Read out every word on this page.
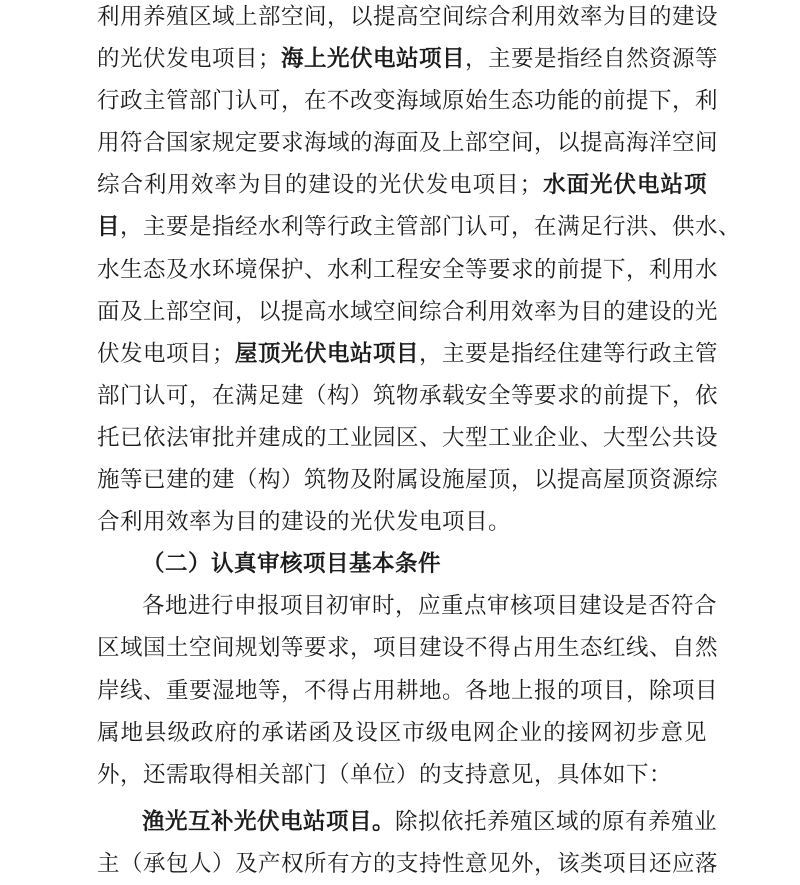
利用养殖区域上部空间，以提高空间综合利用效率为目的建设
的光伏发电项目；海上光伏电站项目，主要是指经自然资源等
行政主管部门认可，在不改变海域原始生态功能的前提下，利
用符合国家规定要求海域的海面及上部空间，以提高海洋空间
综合利用效率为目的建设的光伏发电项目；水面光伏电站项
目，主要是指经水利等行政主管部门认可，在满足行洪、供水、
水生态及水环境保护、水利工程安全等要求的前提下，利用水
面及上部空间，以提高水域空间综合利用效率为目的建设的光
伏发电项目；屋顶光伏电站项目，主要是指经住建等行政主管
部门认可，在满足建（构）筑物承载安全等要求的前提下，依
托已依法审批并建成的工业园区、大型工业企业、大型公共设
施等已建的建（构）筑物及附属设施屋顶，以提高屋顶资源综
合利用效率为目的建设的光伏发电项目。
（二）认真审核项目基本条件
各地进行申报项目初审时，应重点审核项目建设是否符合
区域国土空间规划等要求，项目建设不得占用生态红线、自然
岸线、重要湿地等，不得占用耕地。各地上报的项目，除项目
属地县级政府的承诺函及设区市级电网企业的接网初步意见
外，还需取得相关部门（单位）的支持意见，具体如下：
渔光互补光伏电站项目。除拟依托养殖区域的原有养殖业
主（承包人）及产权所有方的支持性意见外，该类项目还应落
